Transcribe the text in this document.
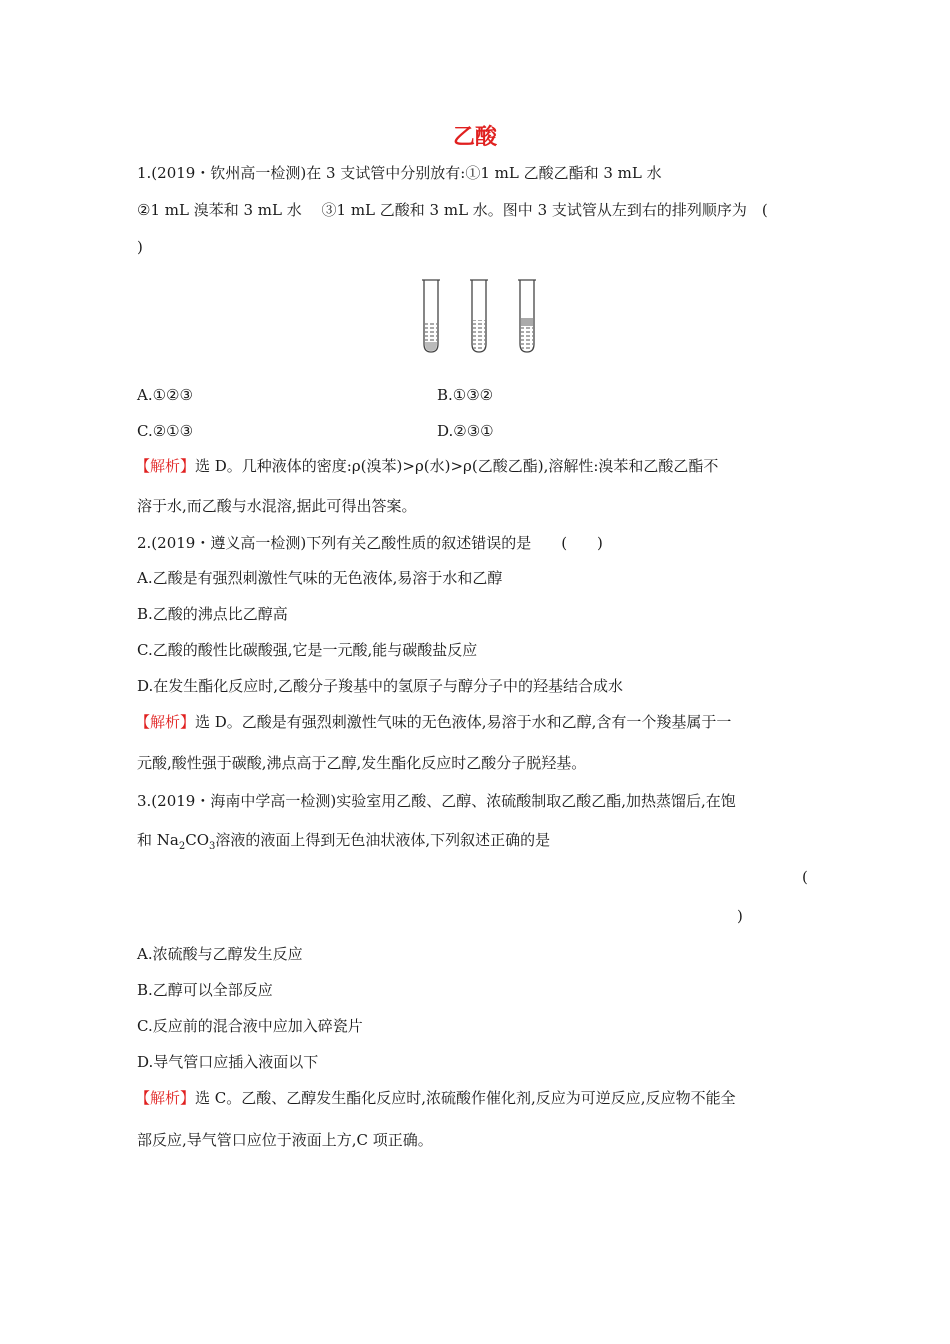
乙酸
1.(2019・钦州高一检测)在 3 支试管中分别放有:①1 mL 乙酸乙酯和 3 mL 水
②1 mL 溴苯和 3 mL 水　 ③1 mL 乙酸和 3 mL 水。图中 3 支试管从左到右的排列顺序为　(
)
A.①②③	B.①③②
C.②①③	D.②③①
【解析】选 D。几种液体的密度:ρ(溴苯)>ρ(水)>ρ(乙酸乙酯),溶解性:溴苯和乙酸乙酯不
溶于水,而乙酸与水混溶,据此可得出答案。
2.(2019・遵义高一检测)下列有关乙酸性质的叙述错误的是　　(　　)
A.乙酸是有强烈刺激性气味的无色液体,易溶于水和乙醇
B.乙酸的沸点比乙醇高
C.乙酸的酸性比碳酸强,它是一元酸,能与碳酸盐反应
D.在发生酯化反应时,乙酸分子羧基中的氢原子与醇分子中的羟基结合成水
【解析】选 D。乙酸是有强烈刺激性气味的无色液体,易溶于水和乙醇,含有一个羧基属于一
元酸,酸性强于碳酸,沸点高于乙醇,发生酯化反应时乙酸分子脱羟基。
3.(2019・海南中学高一检测)实验室用乙酸、乙醇、浓硫酸制取乙酸乙酯,加热蒸馏后,在饱
和 $Na_2CO_3$溶液的液面上得到无色油状液体,下列叙述正确的是
(
)
A.浓硫酸与乙醇发生反应
B.乙醇可以全部反应
C.反应前的混合液中应加入碎瓷片
D.导气管口应插入液面以下
【解析】选 C。乙酸、乙醇发生酯化反应时,浓硫酸作催化剂,反应为可逆反应,反应物不能全
部反应,导气管口应位于液面上方,C 项正确。
